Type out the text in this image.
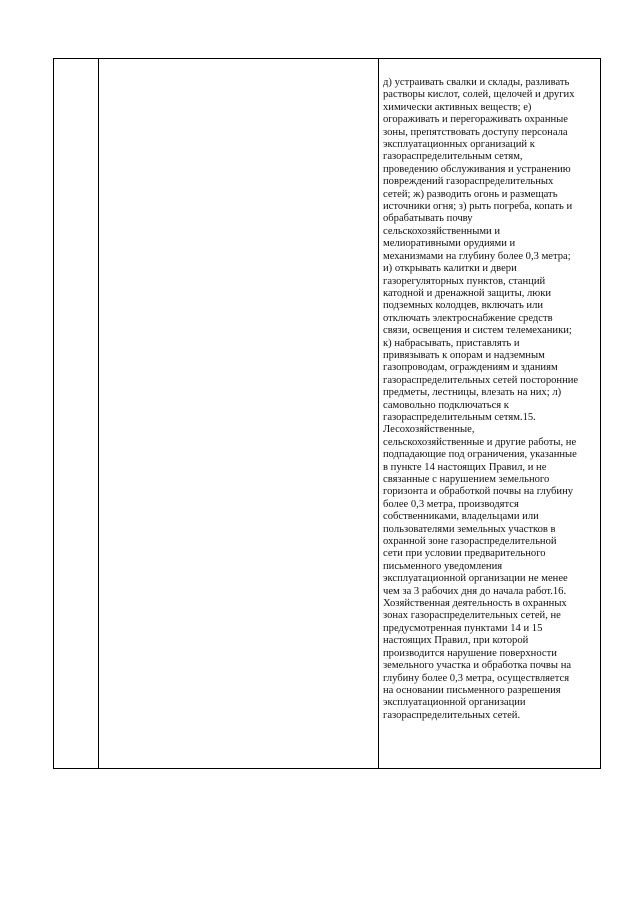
д) устраивать свалки и склады, разливать
растворы кислот, солей, щелочей и других
химически активных веществ; е)
огораживать и перегораживать охранные
зоны, препятствовать доступу персонала
эксплуатационных организаций к
газораспределительным сетям,
проведению обслуживания и устранению
повреждений газораспределительных
сетей; ж) разводить огонь и размещать
источники огня; з) рыть погреба, копать и
обрабатывать почву
сельскохозяйственными и
мелиоративными орудиями и
механизмами на глубину более 0,3 метра;
и) открывать калитки и двери
газорегуляторных пунктов, станций
катодной и дренажной защиты, люки
подземных колодцев, включать или
отключать электроснабжение средств
связи, освещения и систем телемеханики;
к) набрасывать, приставлять и
привязывать к опорам и надземным
газопроводам, ограждениям и зданиям
газораспределительных сетей посторонние
предметы, лестницы, влезать на них; л)
самовольно подключаться к
газораспределительным сетям.15.
Лесохозяйственные,
сельскохозяйственные и другие работы, не
подпадающие под ограничения, указанные
в пункте 14 настоящих Правил, и не
связанные с нарушением земельного
горизонта и обработкой почвы на глубину
более 0,3 метра, производятся
собственниками, владельцами или
пользователями земельных участков в
охранной зоне газораспределительной
сети при условии предварительного
письменного уведомления
эксплуатационной организации не менее
чем за 3 рабочих дня до начала работ.16.
Хозяйственная деятельность в охранных
зонах газораспределительных сетей, не
предусмотренная пунктами 14 и 15
настоящих Правил, при которой
производится нарушение поверхности
земельного участка и обработка почвы на
глубину более 0,3 метра, осуществляется
на основании письменного разрешения
эксплуатационной организации
газораспределительных сетей.
